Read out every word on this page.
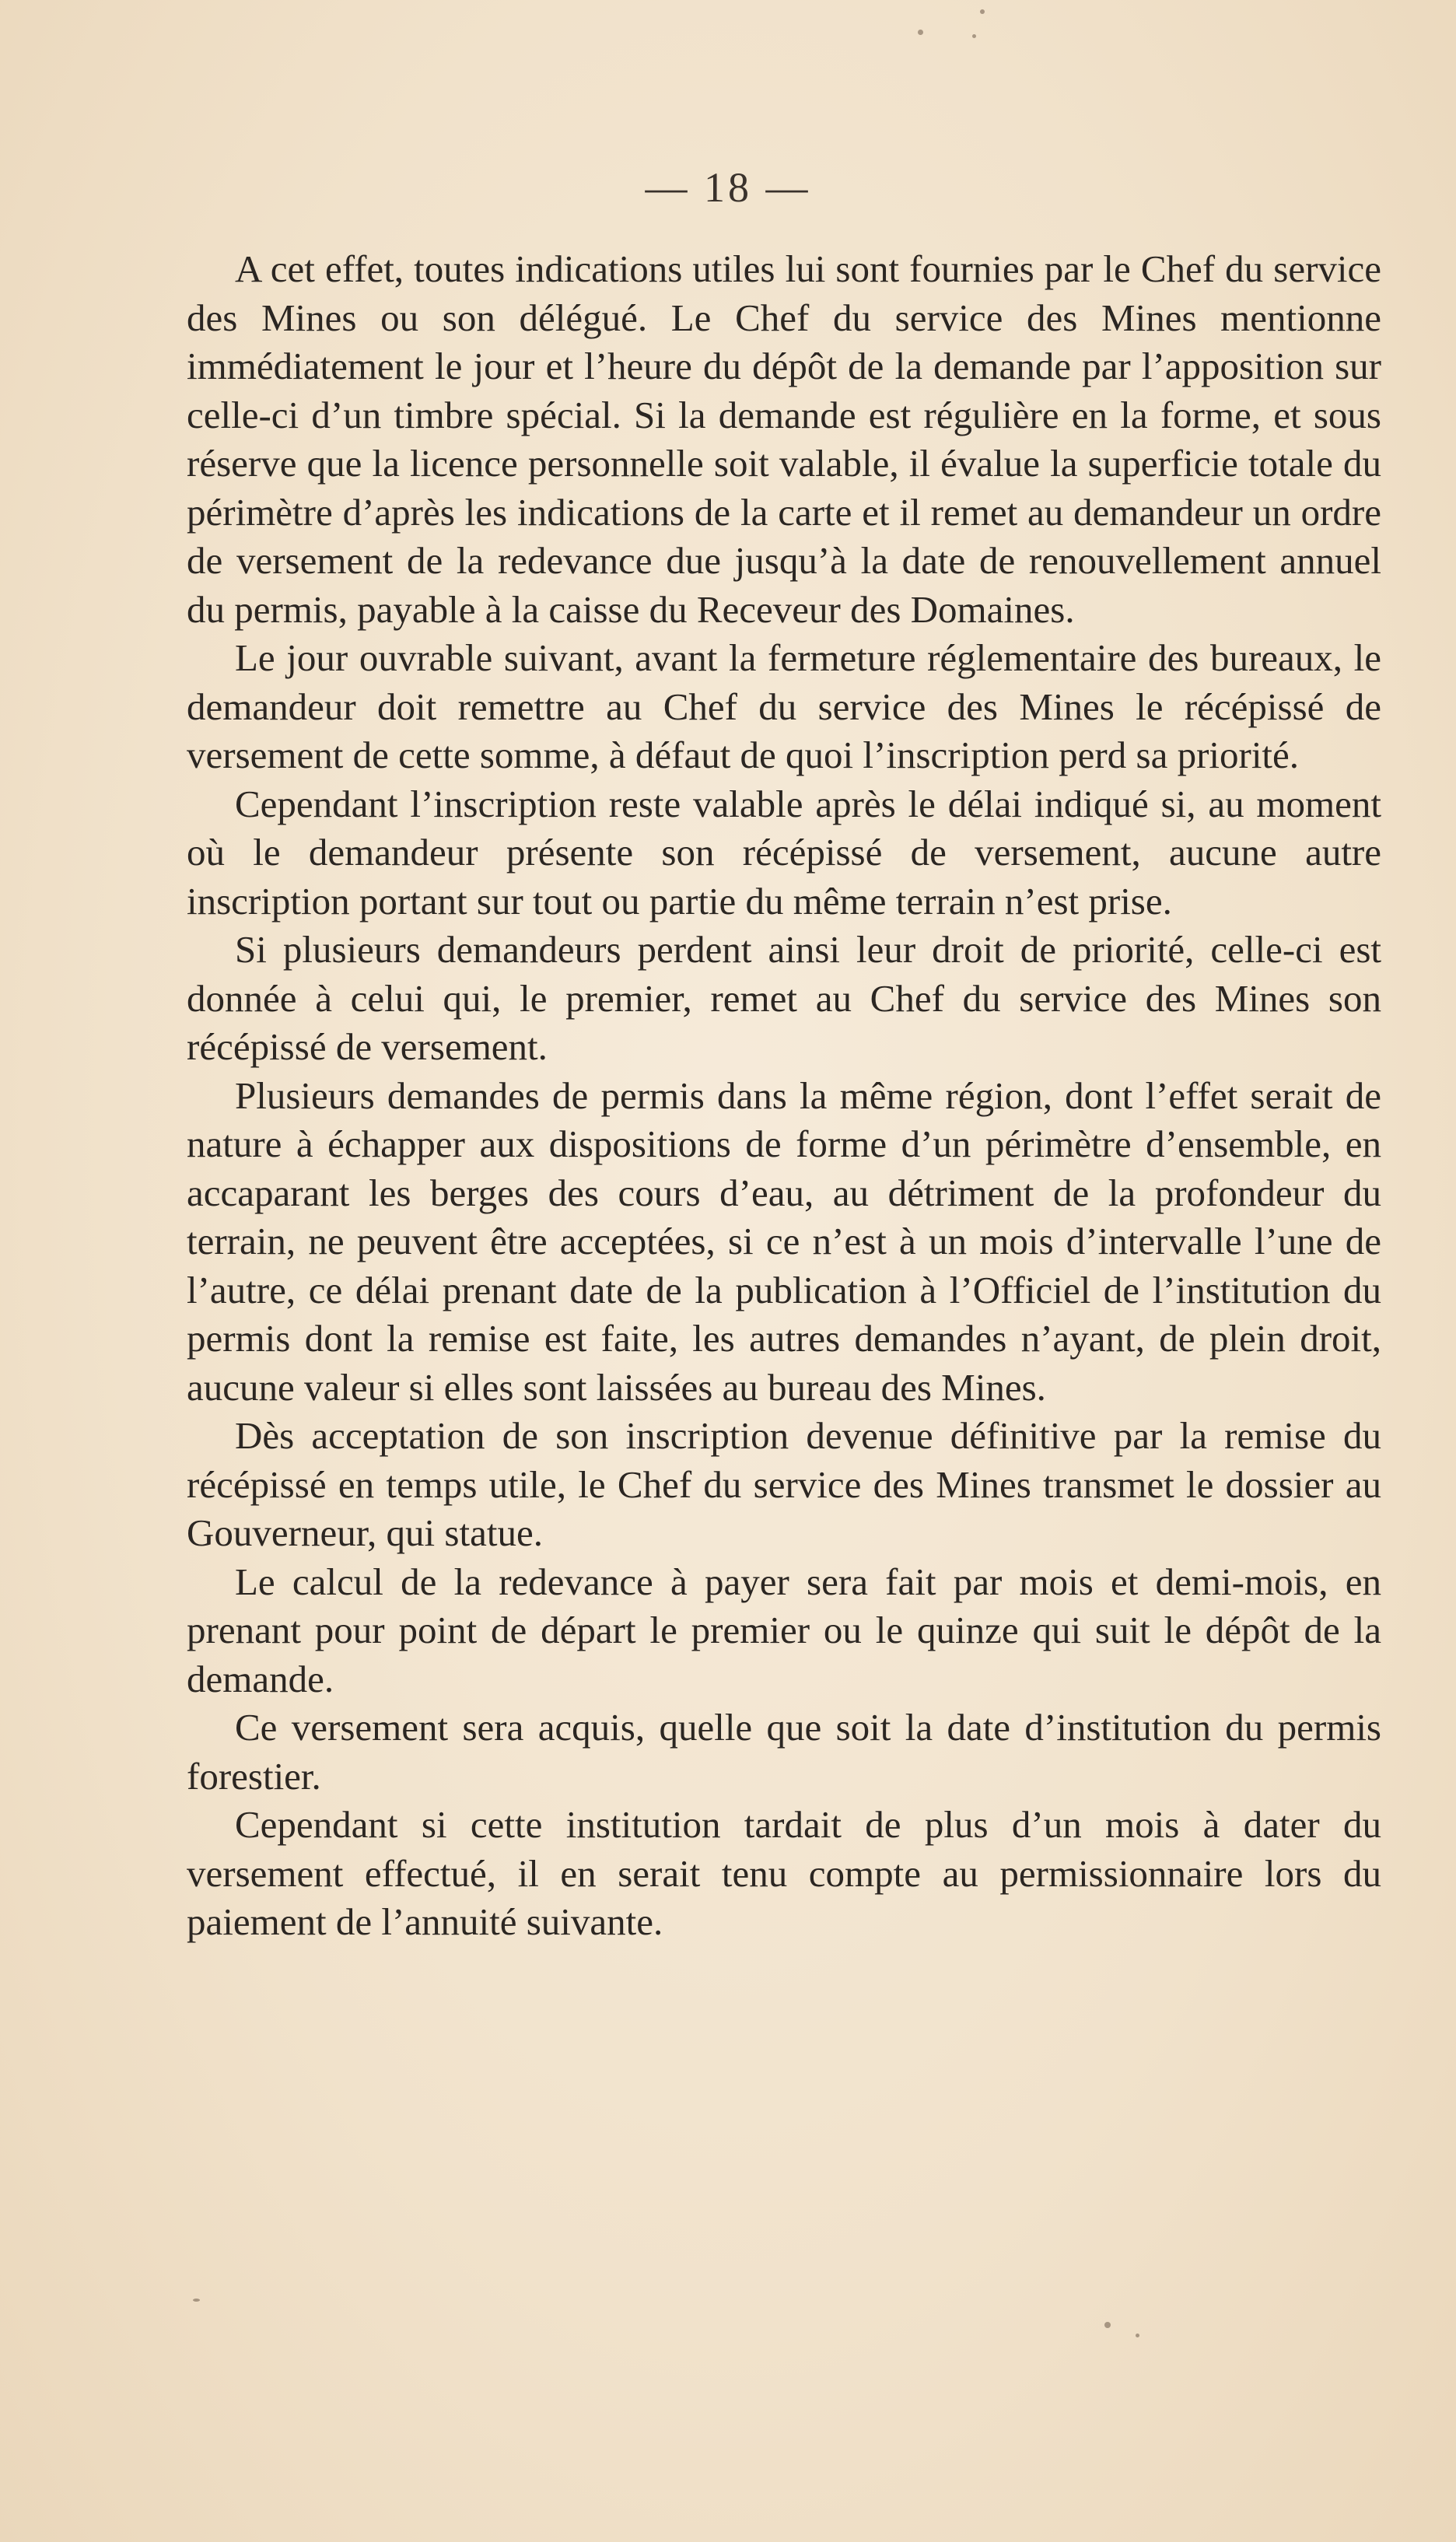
— 18 —

A cet effet, toutes indications utiles lui sont fournies par le Chef du service des Mines ou son délégué. Le Chef du service des Mines mentionne immédiatement le jour et l’heure du dépôt de la demande par l’apposition sur celle-ci d’un timbre spécial. Si la demande est régulière en la forme, et sous réserve que la licence personnelle soit valable, il évalue la superficie totale du périmètre d’après les indications de la carte et il remet au demandeur un ordre de versement de la redevance due jusqu’à la date de renouvellement annuel du permis, payable à la caisse du Receveur des Domaines.

Le jour ouvrable suivant, avant la fermeture réglementaire des bureaux, le demandeur doit remettre au Chef du service des Mines le récépissé de versement de cette somme, à défaut de quoi l’inscription perd sa priorité.

Cependant l’inscription reste valable après le délai indiqué si, au moment où le demandeur présente son récépissé de versement, aucune autre inscription portant sur tout ou partie du même terrain n’est prise.

Si plusieurs demandeurs perdent ainsi leur droit de priorité, celle-ci est donnée à celui qui, le premier, remet au Chef du service des Mines son récépissé de versement.

Plusieurs demandes de permis dans la même région, dont l’effet serait de nature à échapper aux dispositions de forme d’un périmètre d’ensemble, en accaparant les berges des cours d’eau, au détriment de la profondeur du terrain, ne peuvent être acceptées, si ce n’est à un mois d’intervalle l’une de l’autre, ce délai prenant date de la publication à l’Officiel de l’institution du permis dont la remise est faite, les autres demandes n’ayant, de plein droit, aucune valeur si elles sont laissées au bureau des Mines.

Dès acceptation de son inscription devenue définitive par la remise du récépissé en temps utile, le Chef du service des Mines transmet le dossier au Gouverneur, qui statue.

Le calcul de la redevance à payer sera fait par mois et demi-mois, en prenant pour point de départ le premier ou le quinze qui suit le dépôt de la demande.

Ce versement sera acquis, quelle que soit la date d’institution du permis forestier.

Cependant si cette institution tardait de plus d’un mois à dater du versement effectué, il en serait tenu compte au permissionnaire lors du paiement de l’annuité suivante.
